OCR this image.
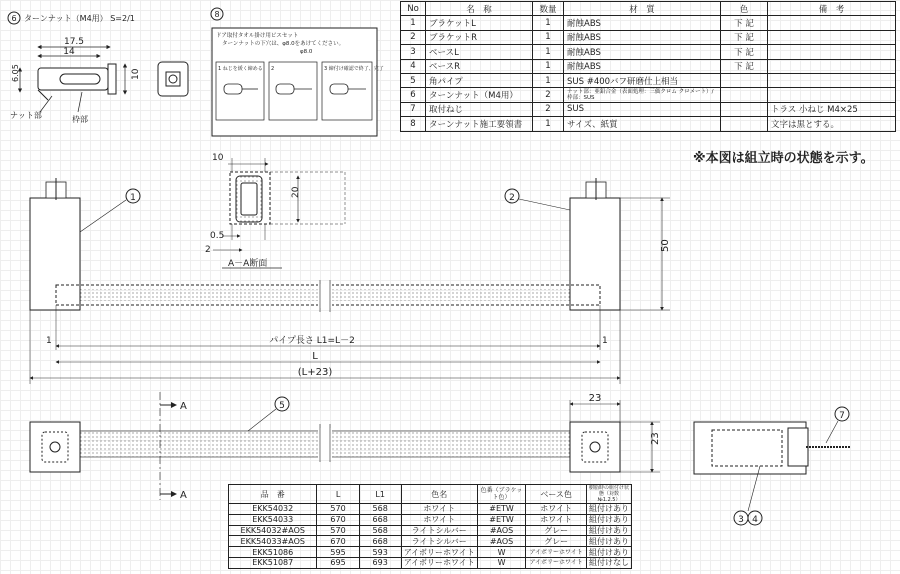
6 ターンナット（M4用） S=2/1
17.5
14
6.05	10
ナット部	枠部
8
ドア取付タオル掛け用ビスセット
ターンナットの下穴は、φ8.0をあけてください。
φ8.0
1 ねじを緩く締める 2	3 締付け確認で終了、完了
※本図は組立時の状態を示す。
10
20
0.5
2
A－A断面
1	2
50
パイプ長さ L1=L－2
1	1
L
(L+23)
5
A
A
23
23
7
3 4
No	名　称	数量	材　質	色	備　考
1	ブラケットL	1	耐蝕ABS	下 記	
2	ブラケットR	1	耐蝕ABS	下 記	
3	ベースL	1	耐蝕ABS	下 記	
4	ベースR	1	耐蝕ABS	下 記	
5	角パイプ	1	SUS #400バフ研磨仕上相当		
6	ターンナット（M4用）	2	ナット部：亜鉛合金（表面処理：三価クロム クロメート）/ 枠部：SUS		
7	取付ねじ	2	SUS		トラス 小ねじ M4×25
8	ターンナット施工要領書	1	サイズ、紙質		文字は黒とする。
品　番	L	L1	色名	色番（ブラケット色）	ベース色	樹脂時の組付け状態（対数№1.2.5）
EKK54032	570	568	ホワイト	#ETW	ホワイト	組付けあり
EKK54033	670	668	ホワイト	#ETW	ホワイト	組付けあり
EKK54032#AOS	570	568	ライトシルバー	#AOS	グレー	組付けあり
EKK54033#AOS	670	668	ライトシルバー	#AOS	グレー	組付けあり
EKK51086	595	593	アイボリーホワイト	W	アイボリーホワイト	組付けあり
EKK51087	695	693	アイボリーホワイト	W	アイボリーホワイト	組付けなし
